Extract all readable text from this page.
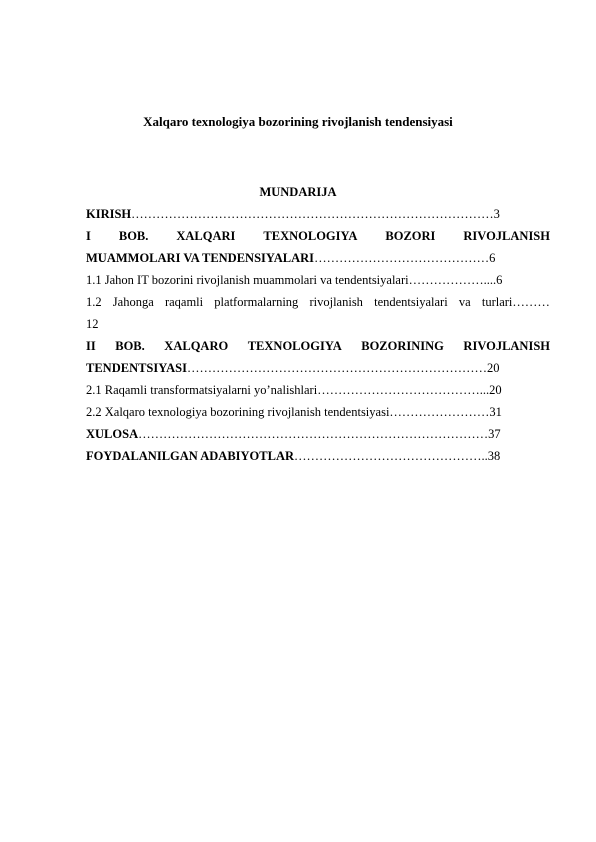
Xalqaro texnologiya bozorining rivojlanish tendensiyasi

MUNDARIJA

KIRISH……………………………………………………………………………3
I BOB. XALQARI TEXNOLOGIYA BOZORI RIVOJLANISH
MUAMMOLARI VA TENDENSIYALARI……………………………………6
1.1 Jahon IT bozorini rivojlanish muammolari va tendentsiyalari………………....6
1.2 Jahonga raqamli platformalarning rivojlanish tendentsiyalari va turlari………
12
II BOB. XALQARO TEXNOLOGIYA BOZORINING RIVOJLANISH
TENDENTSIYASI………………………………………………………………20
2.1 Raqamli transformatsiyalarni yo’nalishlari…………………………………...20
2.2 Xalqaro texnologiya bozorining rivojlanish tendentsiyasi……………………31
XULOSA…………………………………………………………………………37
FOYDALANILGAN ADABIYOTLAR………………………………………..38
